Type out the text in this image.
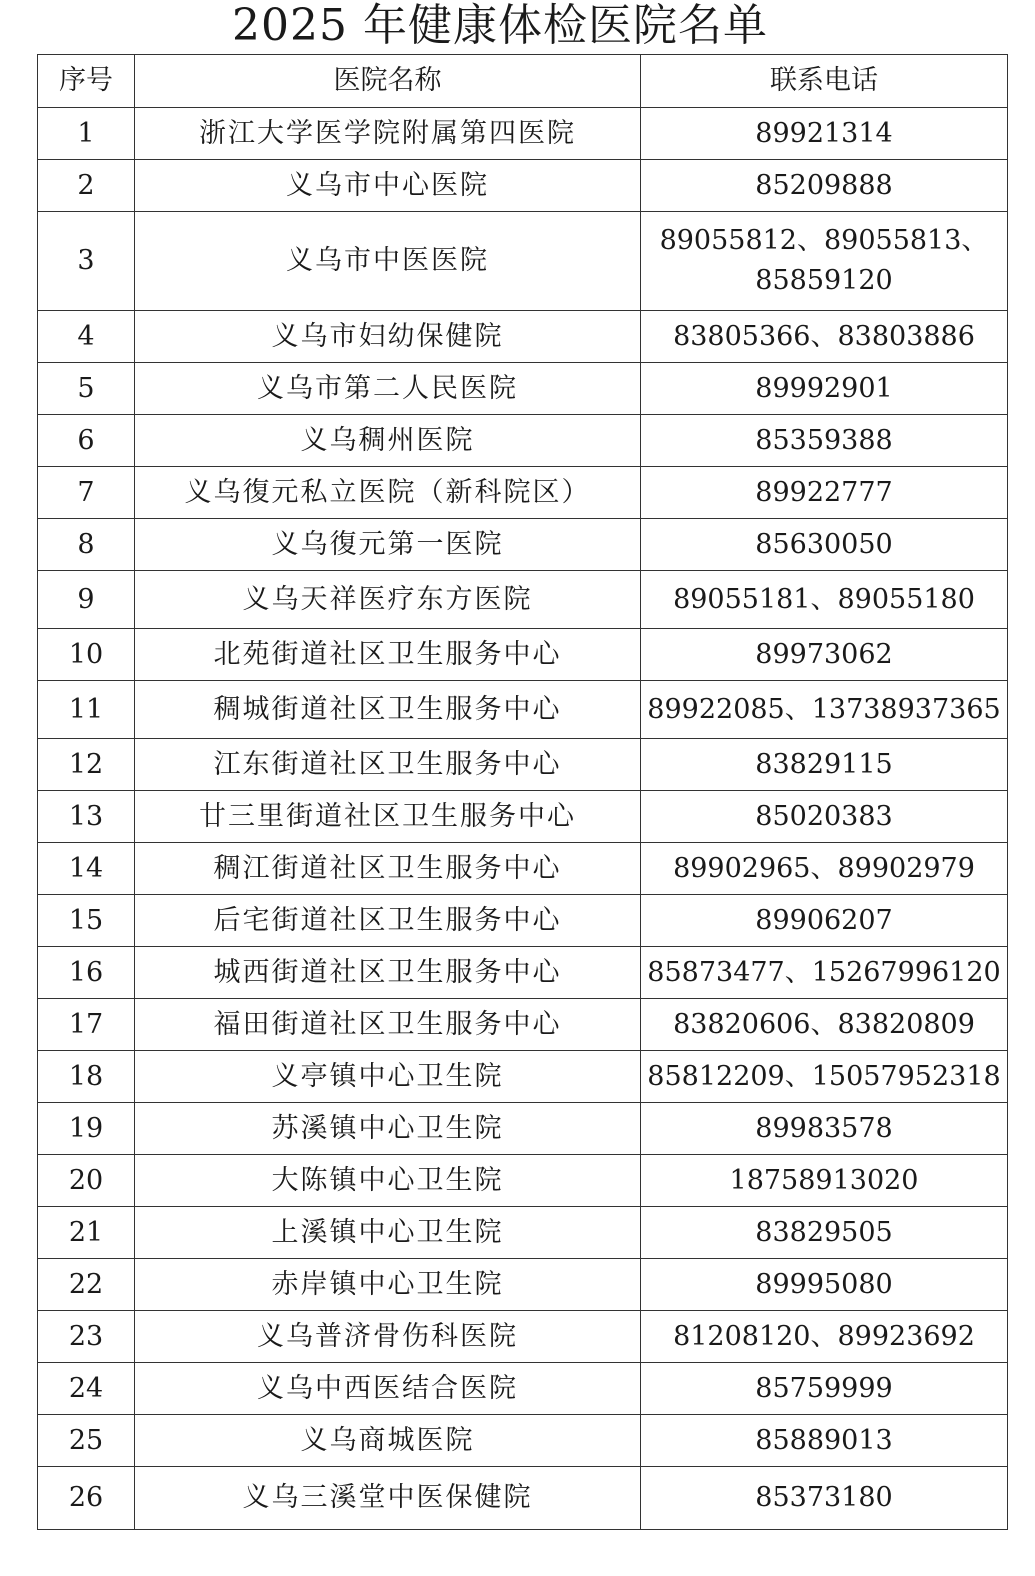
2025 年健康体检医院名单
序号	医院名称	联系电话
1	浙江大学医学院附属第四医院	89921314
2	义乌市中心医院	85209888
3	义乌市中医医院	89055812、89055813、
85859120

4	义乌市妇幼保健院	83805366、83803886
5	义乌市第二人民医院	89992901
6	义乌稠州医院	85359388
7	义乌復元私立医院（新科院区）	89922777
8	义乌復元第一医院	85630050
9	义乌天祥医疗东方医院	89055181、89055180
10	北苑街道社区卫生服务中心	89973062
11	稠城街道社区卫生服务中心	89922085、13738937365
12	江东街道社区卫生服务中心	83829115
13	廿三里街道社区卫生服务中心	85020383
14	稠江街道社区卫生服务中心	89902965、89902979
15	后宅街道社区卫生服务中心	89906207
16	城西街道社区卫生服务中心	85873477、15267996120
17	福田街道社区卫生服务中心	83820606、83820809
18	义亭镇中心卫生院	85812209、15057952318
19	苏溪镇中心卫生院	89983578
20	大陈镇中心卫生院	18758913020
21	上溪镇中心卫生院	83829505
22	赤岸镇中心卫生院	89995080
23	义乌普济骨伤科医院	81208120、89923692
24	义乌中西医结合医院	85759999
25	义乌商城医院	85889013
26	义乌三溪堂中医保健院	85373180
